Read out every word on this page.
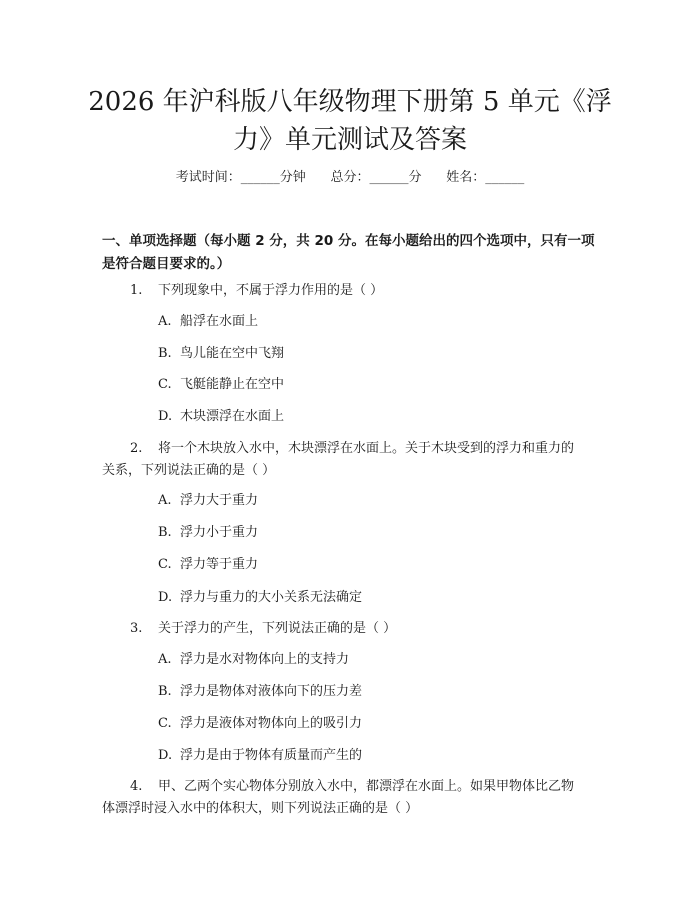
2026 年沪科版八年级物理下册第 5 单元《浮
力》单元测试及答案
考试时间：______分钟      总分：______分      姓名：______
一、单项选择题（每小题 2 分，共 20 分。在每小题给出的四个选项中，只有一项
是符合题目要求的。）
1. 下列现象中，不属于浮力作用的是（ ）
A. 船浮在水面上
B. 鸟儿能在空中飞翔
C. 飞艇能静止在空中
D. 木块漂浮在水面上
2. 将一个木块放入水中，木块漂浮在水面上。关于木块受到的浮力和重力的
关系，下列说法正确的是（ ）
A. 浮力大于重力
B. 浮力小于重力
C. 浮力等于重力
D. 浮力与重力的大小关系无法确定
3. 关于浮力的产生，下列说法正确的是（ ）
A. 浮力是水对物体向上的支持力
B. 浮力是物体对液体向下的压力差
C. 浮力是液体对物体向上的吸引力
D. 浮力是由于物体有质量而产生的
4. 甲、乙两个实心物体分别放入水中，都漂浮在水面上。如果甲物体比乙物
体漂浮时浸入水中的体积大，则下列说法正确的是（ ）
